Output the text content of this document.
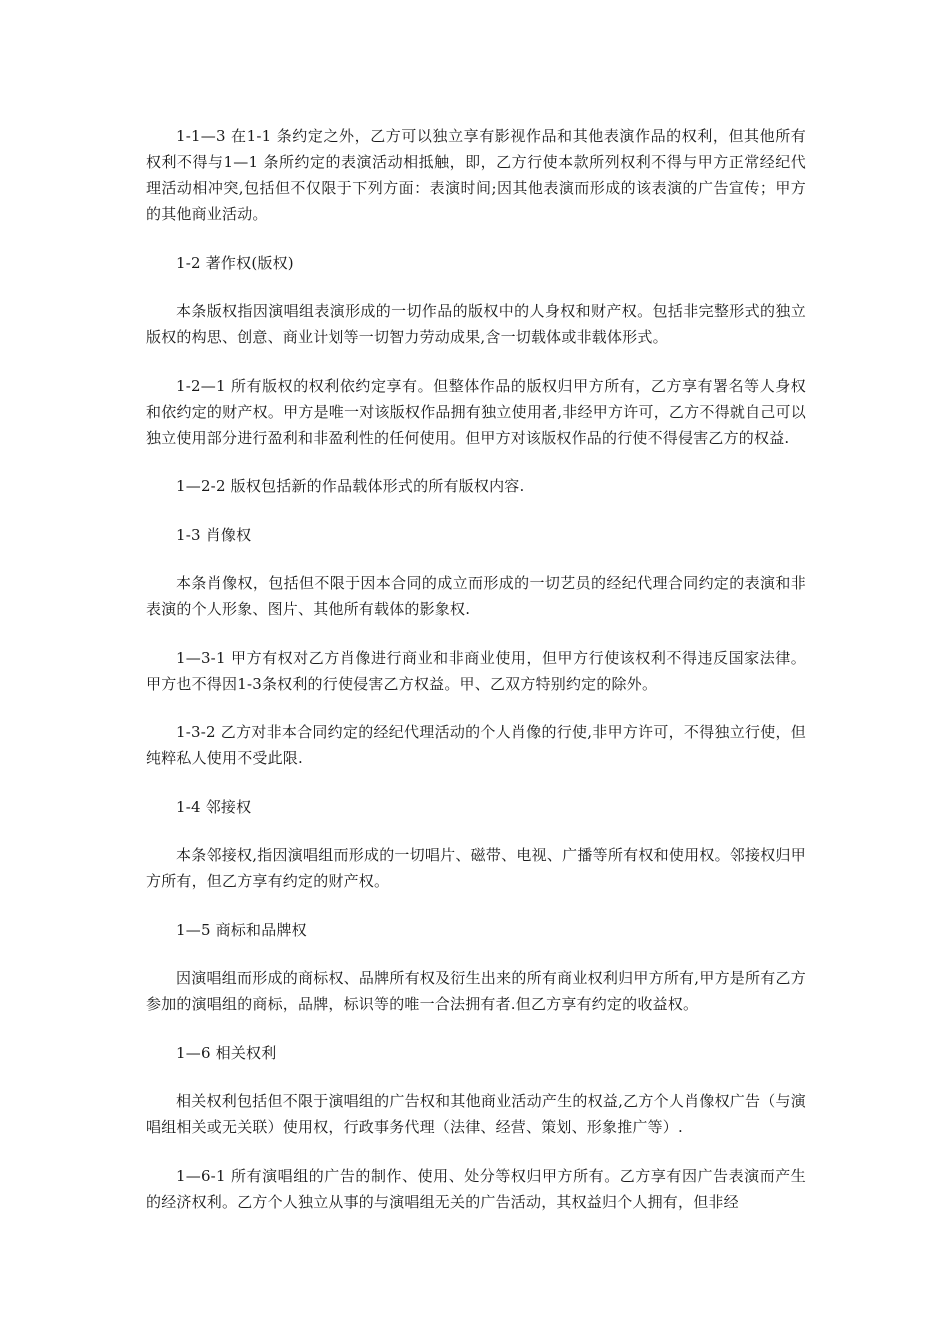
1-1—3 在1-1 条约定之外，乙方可以独立享有影视作品和其他表演作品的权利，但其他所有权利不得与1—1 条所约定的表演活动相抵触，即，乙方行使本款所列权利不得与甲方正常经纪代理活动相冲突,包括但不仅限于下列方面：表演时间;因其他表演而形成的该表演的广告宣传；甲方的其他商业活动。

1-2 著作权(版权)

本条版权指因演唱组表演形成的一切作品的版权中的人身权和财产权。包括非完整形式的独立版权的构思、创意、商业计划等一切智力劳动成果,含一切载体或非载体形式。

1-2—1 所有版权的权利依约定享有。但整体作品的版权归甲方所有，乙方享有署名等人身权和依约定的财产权。甲方是唯一对该版权作品拥有独立使用者,非经甲方许可，乙方不得就自己可以独立使用部分进行盈利和非盈利性的任何使用。但甲方对该版权作品的行使不得侵害乙方的权益.

1—2-2 版权包括新的作品载体形式的所有版权内容.

1-3 肖像权

本条肖像权，包括但不限于因本合同的成立而形成的一切艺员的经纪代理合同约定的表演和非表演的个人形象、图片、其他所有载体的影象权.

1—3-1 甲方有权对乙方肖像进行商业和非商业使用，但甲方行使该权利不得违反国家法律。甲方也不得因1-3条权利的行使侵害乙方权益。甲、乙双方特别约定的除外。

1-3-2 乙方对非本合同约定的经纪代理活动的个人肖像的行使,非甲方许可，不得独立行使，但纯粹私人使用不受此限.

1-4 邻接权

本条邻接权,指因演唱组而形成的一切唱片、磁带、电视、广播等所有权和使用权。邻接权归甲方所有，但乙方享有约定的财产权。

1—5 商标和品牌权

因演唱组而形成的商标权、品牌所有权及衍生出来的所有商业权利归甲方所有,甲方是所有乙方参加的演唱组的商标，品牌，标识等的唯一合法拥有者.但乙方享有约定的收益权。

1—6 相关权利

相关权利包括但不限于演唱组的广告权和其他商业活动产生的权益,乙方个人肖像权广告（与演唱组相关或无关联）使用权，行政事务代理（法律、经营、策划、形象推广等）.

1—6-1 所有演唱组的广告的制作、使用、处分等权归甲方所有。乙方享有因广告表演而产生的经济权利。乙方个人独立从事的与演唱组无关的广告活动，其权益归个人拥有，但非经
